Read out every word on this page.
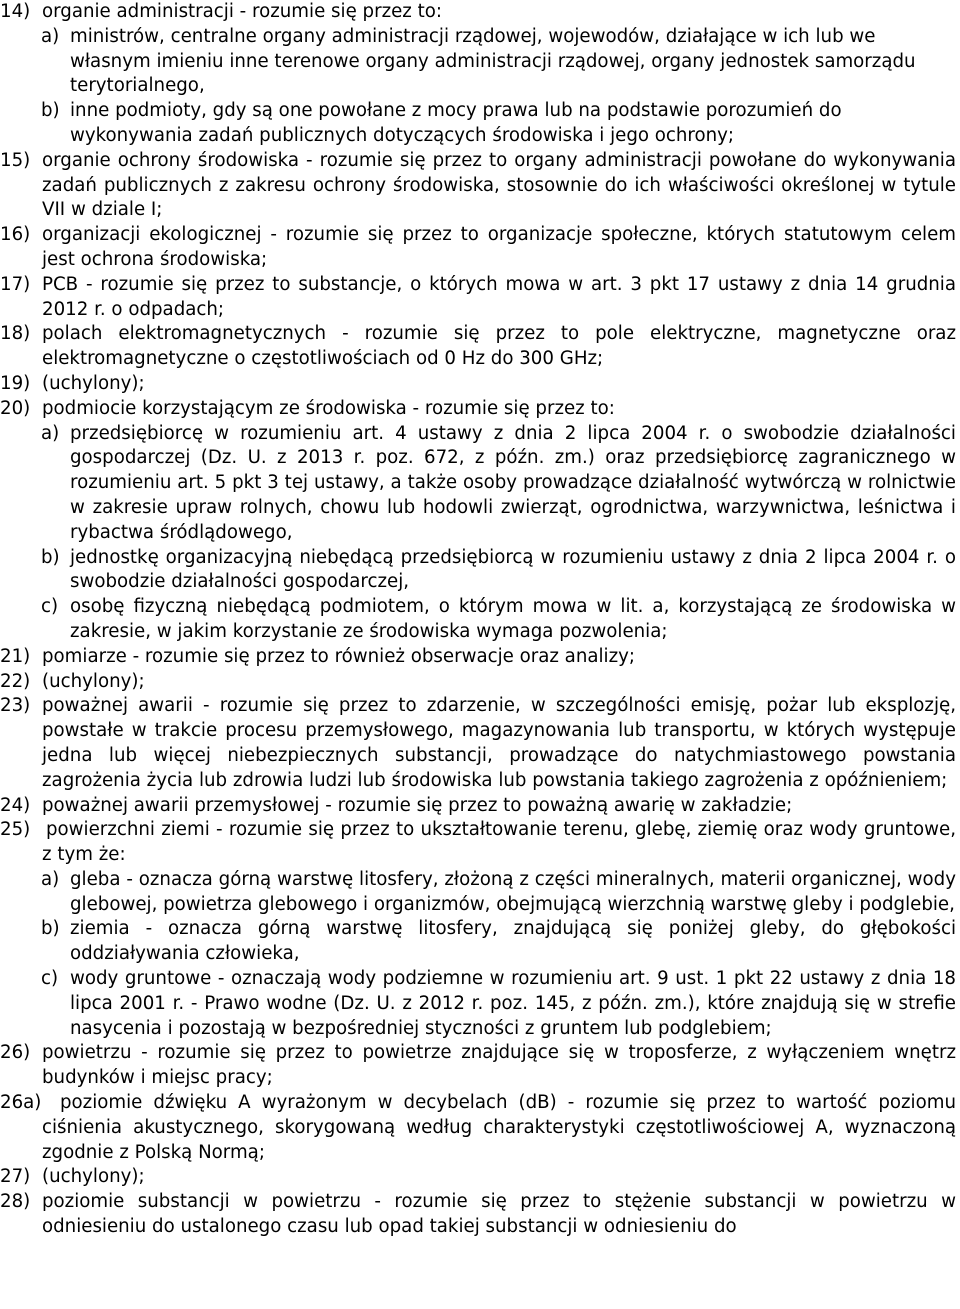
14) organie administracji - rozumie się przez to:
a) ministrów, centralne organy administracji rządowej, wojewodów, działające w ich lub we własnym imieniu inne terenowe organy administracji rządowej, organy jednostek samorządu terytorialnego,
b) inne podmioty, gdy są one powołane z mocy prawa lub na podstawie porozumień do wykonywania zadań publicznych dotyczących środowiska i jego ochrony;
15) organie ochrony środowiska - rozumie się przez to organy administracji powołane do wykonywania zadań publicznych z zakresu ochrony środowiska, stosownie do ich właściwości określonej w tytule VII w dziale I;
16) organizacji ekologicznej - rozumie się przez to organizacje społeczne, których statutowym celem jest ochrona środowiska;
17) PCB - rozumie się przez to substancje, o których mowa w art. 3 pkt 17 ustawy z dnia 14 grudnia 2012 r. o odpadach;
18) polach elektromagnetycznych - rozumie się przez to pole elektryczne, magnetyczne oraz elektromagnetyczne o częstotliwościach od 0 Hz do 300 GHz;
19) (uchylony);
20) podmiocie korzystającym ze środowiska - rozumie się przez to:
a) przedsiębiorcę w rozumieniu art. 4 ustawy z dnia 2 lipca 2004 r. o swobodzie działalności gospodarczej (Dz. U. z 2013 r. poz. 672, z późn. zm.) oraz przedsiębiorcę zagranicznego w rozumieniu art. 5 pkt 3 tej ustawy, a także osoby prowadzące działalność wytwórczą w rolnictwie w zakresie upraw rolnych, chowu lub hodowli zwierząt, ogrodnictwa, warzywnictwa, leśnictwa i rybactwa śródlądowego,
b) jednostkę organizacyjną niebędącą przedsiębiorcą w rozumieniu ustawy z dnia 2 lipca 2004 r. o swobodzie działalności gospodarczej,
c) osobę fizyczną niebędącą podmiotem, o którym mowa w lit. a, korzystającą ze środowiska w zakresie, w jakim korzystanie ze środowiska wymaga pozwolenia;
21) pomiarze - rozumie się przez to również obserwacje oraz analizy;
22) (uchylony);
23) poważnej awarii - rozumie się przez to zdarzenie, w szczególności emisję, pożar lub eksplozję, powstałe w trakcie procesu przemysłowego, magazynowania lub transportu, w których występuje jedna lub więcej niebezpiecznych substancji, prowadzące do natychmiastowego powstania zagrożenia życia lub zdrowia ludzi lub środowiska lub powstania takiego zagrożenia z opóźnieniem;
24) poważnej awarii przemysłowej - rozumie się przez to poważną awarię w zakładzie;
25) powierzchni ziemi - rozumie się przez to ukształtowanie terenu, glebę, ziemię oraz wody gruntowe, z tym że:
a) gleba - oznacza górną warstwę litosfery, złożoną z części mineralnych, materii organicznej, wody glebowej, powietrza glebowego i organizmów, obejmującą wierzchnią warstwę gleby i podglebie,
b) ziemia - oznacza górną warstwę litosfery, znajdującą się poniżej gleby, do głębokości oddziaływania człowieka,
c) wody gruntowe - oznaczają wody podziemne w rozumieniu art. 9 ust. 1 pkt 22 ustawy z dnia 18 lipca 2001 r. - Prawo wodne (Dz. U. z 2012 r. poz. 145, z późn. zm.), które znajdują się w strefie nasycenia i pozostają w bezpośredniej styczności z gruntem lub podglebiem;
26) powietrzu - rozumie się przez to powietrze znajdujące się w troposferze, z wyłączeniem wnętrz budynków i miejsc pracy;
26a)	poziomie dźwięku A wyrażonym w decybelach (dB) - rozumie się przez to wartość poziomu ciśnienia akustycznego, skorygowaną według charakterystyki częstotliwościowej A, wyznaczoną zgodnie z Polską Normą;
27) (uchylony);
28) poziomie substancji w powietrzu - rozumie się przez to stężenie substancji w powietrzu w odniesieniu do ustalonego czasu lub opad takiej substancji w odniesieniu do
